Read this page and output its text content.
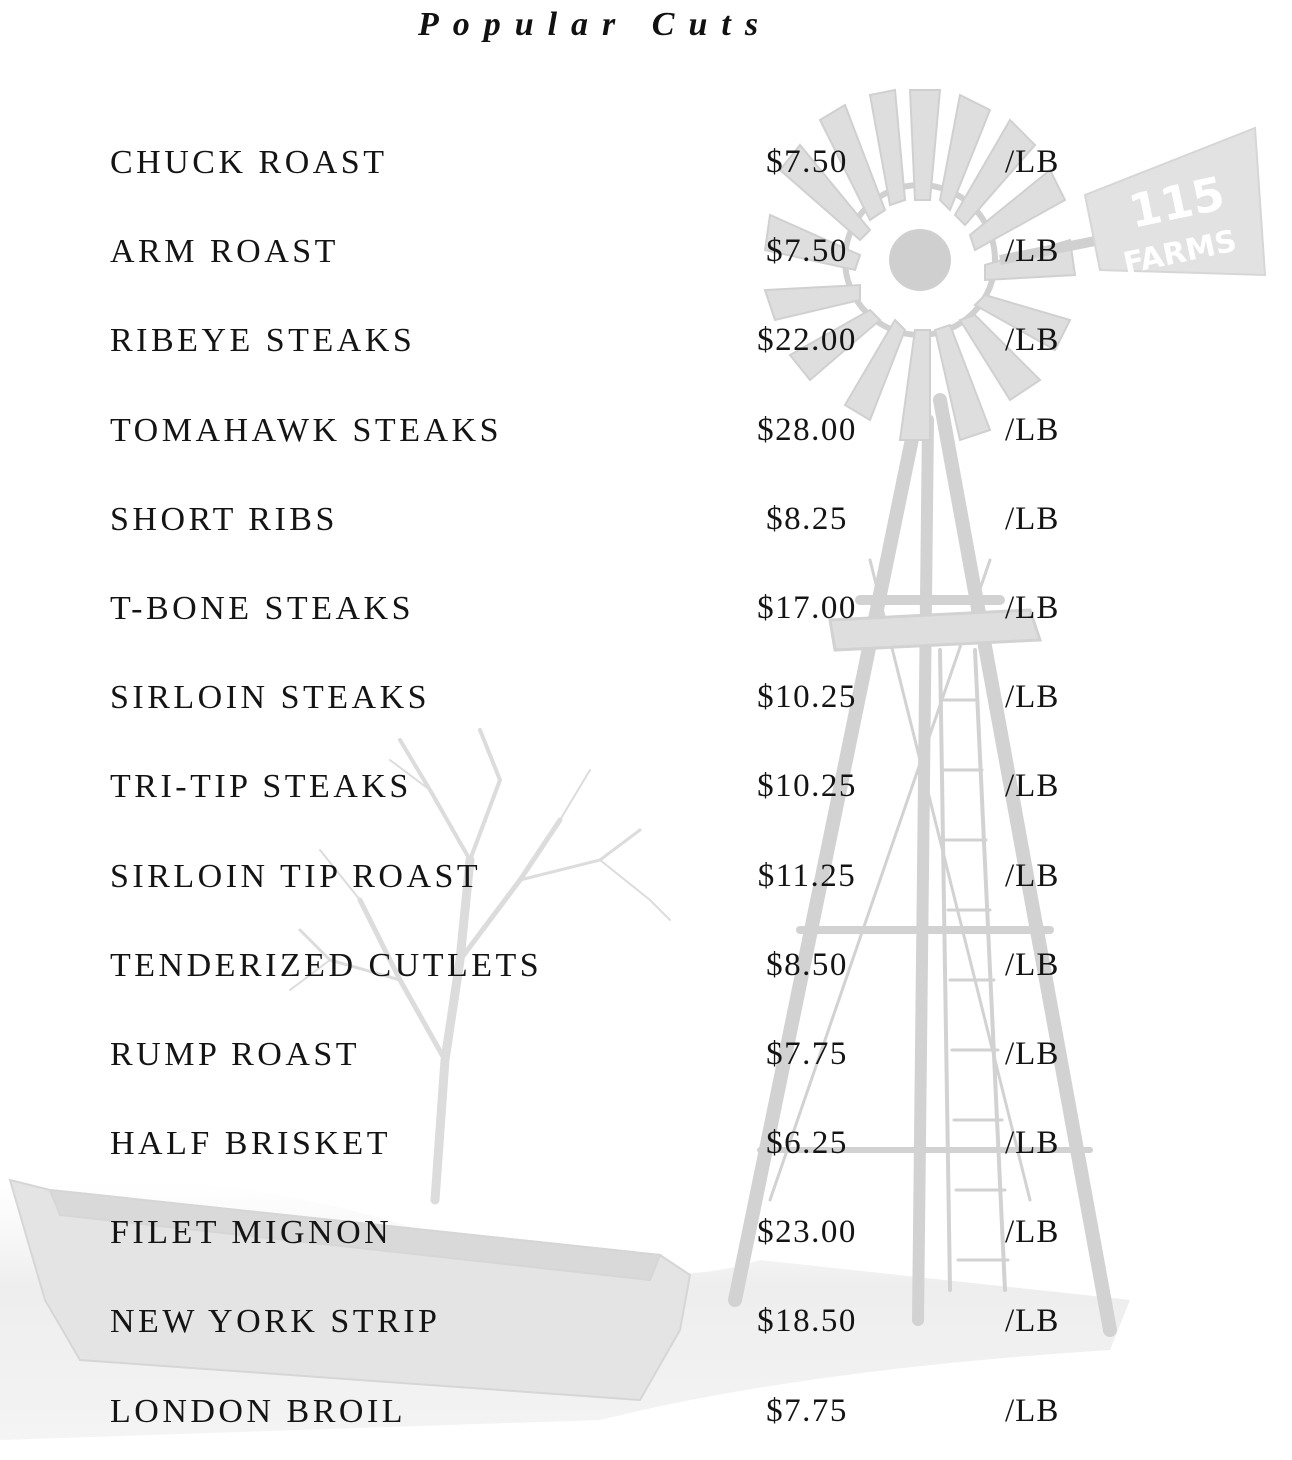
115
FARMS
Popular Cuts
CHUCK ROAST	$7.50	/LB
ARM ROAST	$7.50	/LB
RIBEYE STEAKS	$22.00	/LB
TOMAHAWK STEAKS	$28.00	/LB
SHORT RIBS	$8.25	/LB
T-BONE STEAKS	$17.00	/LB
SIRLOIN STEAKS	$10.25	/LB
TRI-TIP STEAKS	$10.25	/LB
SIRLOIN TIP ROAST	$11.25	/LB
TENDERIZED CUTLETS	$8.50	/LB
RUMP ROAST	$7.75	/LB
HALF BRISKET	$6.25	/LB
FILET MIGNON	$23.00	/LB
NEW YORK STRIP	$18.50	/LB
LONDON BROIL	$7.75	/LB
